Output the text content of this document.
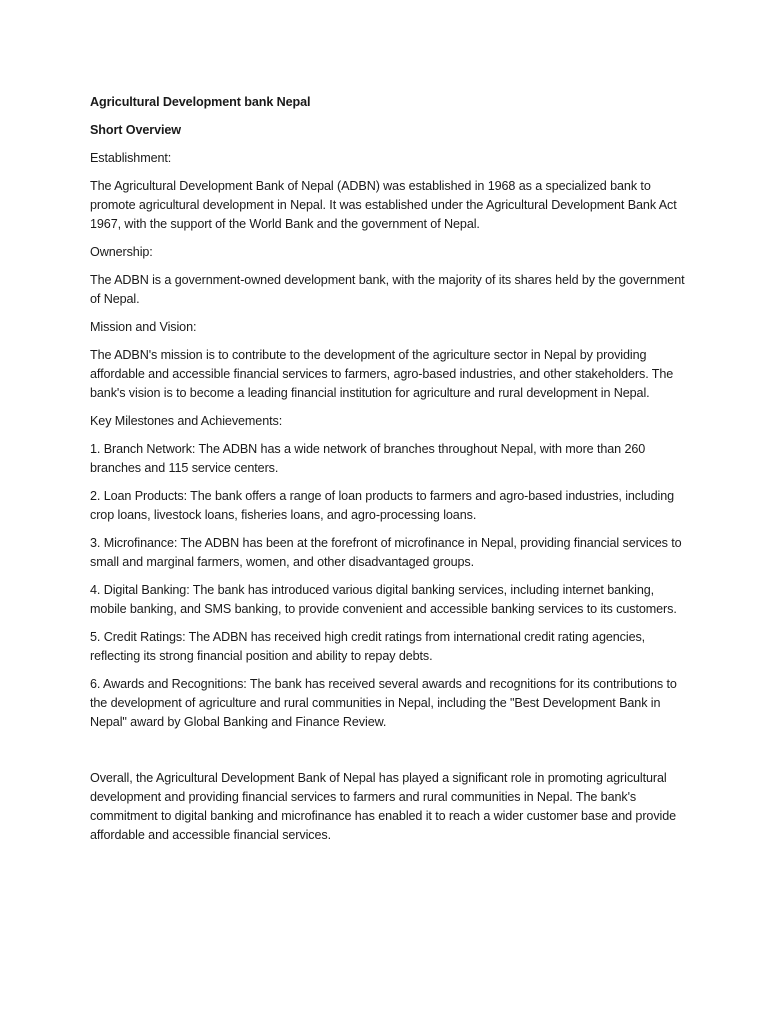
Agricultural Development bank Nepal

Short Overview

Establishment:

The Agricultural Development Bank of Nepal (ADBN) was established in 1968 as a specialized bank to promote agricultural development in Nepal. It was established under the Agricultural Development Bank Act 1967, with the support of the World Bank and the government of Nepal.

Ownership:

The ADBN is a government-owned development bank, with the majority of its shares held by the government of Nepal.

Mission and Vision:

The ADBN's mission is to contribute to the development of the agriculture sector in Nepal by providing affordable and accessible financial services to farmers, agro-based industries, and other stakeholders. The bank's vision is to become a leading financial institution for agriculture and rural development in Nepal.

Key Milestones and Achievements:

1. Branch Network: The ADBN has a wide network of branches throughout Nepal, with more than 260 branches and 115 service centers.

2. Loan Products: The bank offers a range of loan products to farmers and agro-based industries, including crop loans, livestock loans, fisheries loans, and agro-processing loans.

3. Microfinance: The ADBN has been at the forefront of microfinance in Nepal, providing financial services to small and marginal farmers, women, and other disadvantaged groups.

4. Digital Banking: The bank has introduced various digital banking services, including internet banking, mobile banking, and SMS banking, to provide convenient and accessible banking services to its customers.

5. Credit Ratings: The ADBN has received high credit ratings from international credit rating agencies, reflecting its strong financial position and ability to repay debts.

6. Awards and Recognitions: The bank has received several awards and recognitions for its contributions to the development of agriculture and rural communities in Nepal, including the "Best Development Bank in Nepal" award by Global Banking and Finance Review.

Overall, the Agricultural Development Bank of Nepal has played a significant role in promoting agricultural development and providing financial services to farmers and rural communities in Nepal. The bank's commitment to digital banking and microfinance has enabled it to reach a wider customer base and provide affordable and accessible financial services.
